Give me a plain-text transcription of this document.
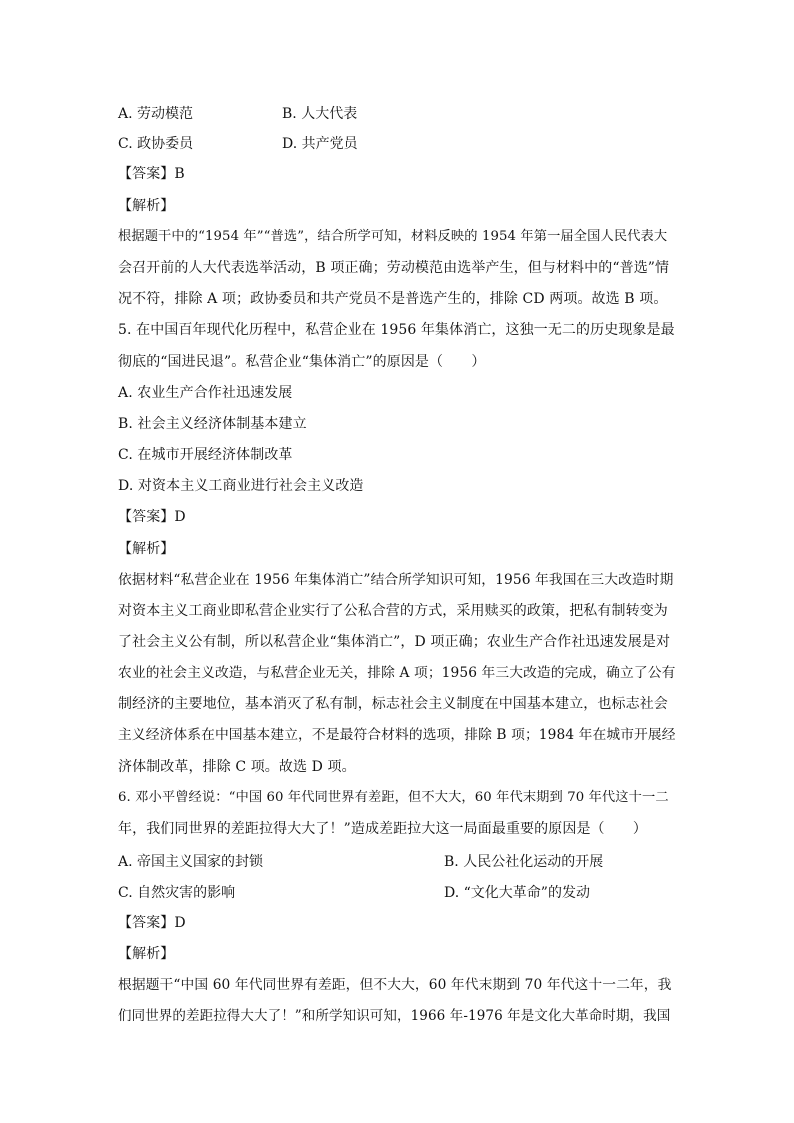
A. 劳动模范	B. 人大代表
C. 政协委员	D. 共产党员
【答案】B
【解析】
根据题干中的“1954 年”“普选”，结合所学可知，材料反映的 1954 年第一届全国人民代表大
会召开前的人大代表选举活动，B 项正确；劳动模范由选举产生，但与材料中的“普选”情
况不符，排除 A 项；政协委员和共产党员不是普选产生的，排除 CD 两项。故选 B 项。
5. 在中国百年现代化历程中，私营企业在 1956 年集体消亡，这独一无二的历史现象是最
彻底的“国进民退”。私营企业“集体消亡”的原因是（　　）
A. 农业生产合作社迅速发展
B. 社会主义经济体制基本建立
C. 在城市开展经济体制改革
D. 对资本主义工商业进行社会主义改造
【答案】D
【解析】
依据材料“私营企业在 1956 年集体消亡”结合所学知识可知，1956 年我国在三大改造时期
对资本主义工商业即私营企业实行了公私合营的方式，采用赎买的政策，把私有制转变为
了社会主义公有制，所以私营企业“集体消亡”，D 项正确；农业生产合作社迅速发展是对
农业的社会主义改造，与私营企业无关，排除 A 项；1956 年三大改造的完成，确立了公有
制经济的主要地位，基本消灭了私有制，标志社会主义制度在中国基本建立，也标志社会
主义经济体系在中国基本建立，不是最符合材料的选项，排除 B 项；1984 年在城市开展经
济体制改革，排除 C 项。故选 D 项。
6. 邓小平曾经说：“中国 60 年代同世界有差距，但不大大，60 年代末期到 70 年代这十一二
年，我们同世界的差距拉得大大了！”造成差距拉大这一局面最重要的原因是（　　）
A. 帝国主义国家的封锁	B. 人民公社化运动的开展
C. 自然灾害的影响	D. “文化大革命”的发动
【答案】D
【解析】
根据题干“中国 60 年代同世界有差距，但不大大，60 年代末期到 70 年代这十一二年，我
们同世界的差距拉得大大了！”和所学知识可知，1966 年-1976 年是文化大革命时期，我国
